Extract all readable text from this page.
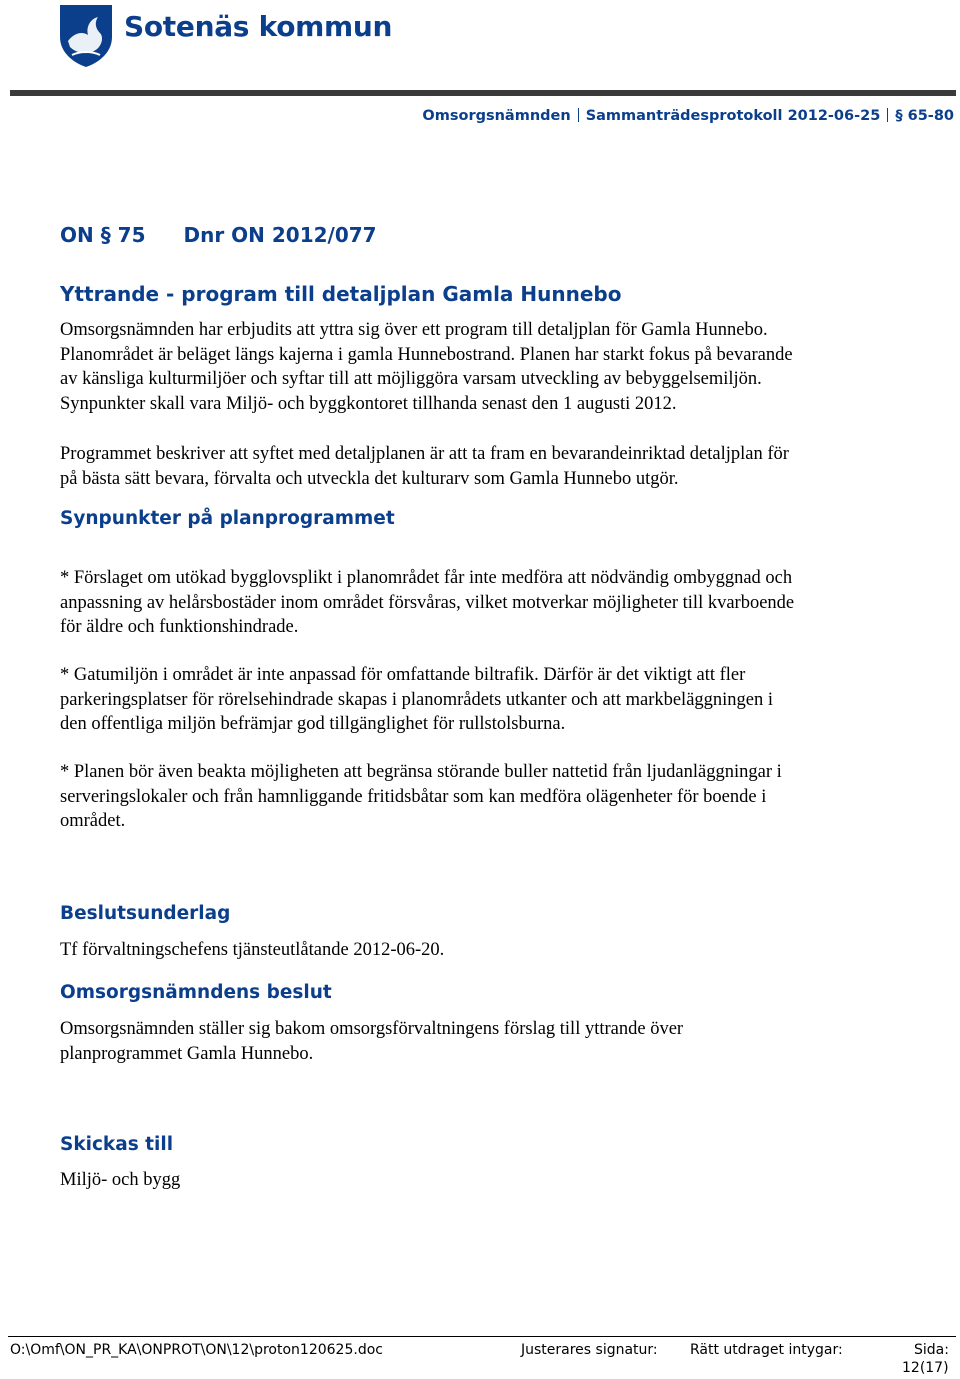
Sotenäs kommun
Omsorgsnämnden Sammanträdesprotokoll 2012-06-25 § 65-80
ON § 75 Dnr ON 2012/077
Yttrande - program till detaljplan Gamla Hunnebo
Omsorgsnämnden har erbjudits att yttra sig över ett program till detaljplan för Gamla Hunnebo.
Planområdet är beläget längs kajerna i gamla Hunnebostrand. Planen har starkt fokus på bevarande
av känsliga kulturmiljöer och syftar till att möjliggöra varsam utveckling av bebyggelsemiljön.
Synpunkter skall vara Miljö- och byggkontoret tillhanda senast den 1 augusti 2012.
Programmet beskriver att syftet med detaljplanen är att ta fram en bevarandeinriktad detaljplan för
på bästa sätt bevara, förvalta och utveckla det kulturarv som Gamla Hunnebo utgör.
Synpunkter på planprogrammet
* Förslaget om utökad bygglovsplikt i planområdet får inte medföra att nödvändig ombyggnad och
anpassning av helårsbostäder inom området försvåras, vilket motverkar möjligheter till kvarboende
för äldre och funktionshindrade.
* Gatumiljön i området är inte anpassad för omfattande biltrafik. Därför är det viktigt att fler
parkeringsplatser för rörelsehindrade skapas i planområdets utkanter och att markbeläggningen i
den offentliga miljön befrämjar god tillgänglighet för rullstolsburna.
* Planen bör även beakta möjligheten att begränsa störande buller nattetid från ljudanläggningar i
serveringslokaler och från hamnliggande fritidsbåtar som kan medföra olägenheter för boende i
området.
Beslutsunderlag
Tf förvaltningschefens tjänsteutlåtande 2012-06-20.
Omsorgsnämndens beslut
Omsorgsnämnden ställer sig bakom omsorgsförvaltningens förslag till yttrande över
planprogrammet Gamla Hunnebo.
Skickas till
Miljö- och bygg
O:\Omf\ON_PR_KA\ONPROT\ON\12\proton120625.doc	Justerares signatur: Rätt utdraget intygar:	Sida:
12(17)
